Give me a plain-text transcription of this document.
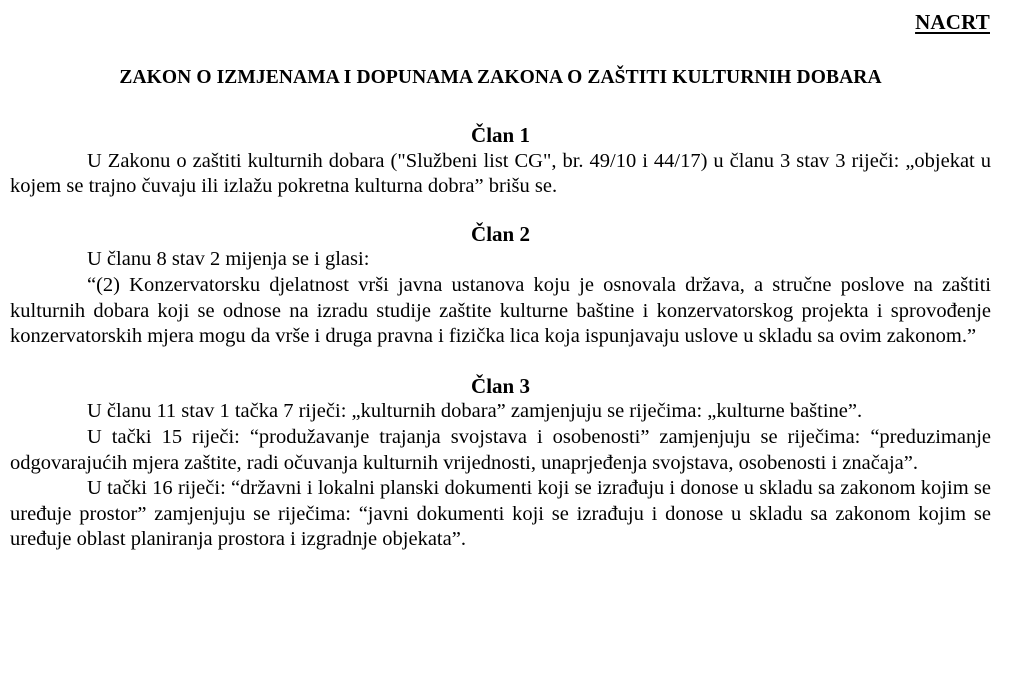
NACRT
ZAKON O IZMJENAMA I DOPUNAMA ZAKONA O ZAŠTITI KULTURNIH DOBARA

Član 1

U Zakonu o zaštiti kulturnih dobara ("Službeni list CG", br. 49/10 i 44/17) u članu 3 stav 3 riječi: „objekat u kojem se trajno čuvaju ili izlažu pokretna kulturna dobra” brišu se.

Član 2

U članu 8 stav 2 mijenja se i glasi:

“(2) Konzervatorsku djelatnost vrši javna ustanova koju je osnovala država, a stručne poslove na zaštiti kulturnih dobara koji se odnose na izradu studije zaštite kulturne baštine i konzervatorskog projekta i sprovođenje konzervatorskih mjera mogu da vrše i druga pravna i fizička lica koja ispunjavaju uslove u skladu sa ovim zakonom.”

Član 3

U članu 11 stav 1 tačka 7 riječi: „kulturnih dobara” zamjenjuju se riječima: „kulturne baštine”.

U tački 15 riječi: “produžavanje trajanja svojstava i osobenosti” zamjenjuju se riječima: “preduzimanje odgovarajućih mjera zaštite, radi očuvanja kulturnih vrijednosti, unaprjeđenja svojstava, osobenosti i značaja”.

U tački 16 riječi: “državni i lokalni planski dokumenti koji se izrađuju i donose u skladu sa zakonom kojim se uređuje prostor” zamjenjuju se riječima: “javni dokumenti koji se izrađuju i donose u skladu sa zakonom kojim se uređuje oblast planiranja prostora i izgradnje objekata”.
